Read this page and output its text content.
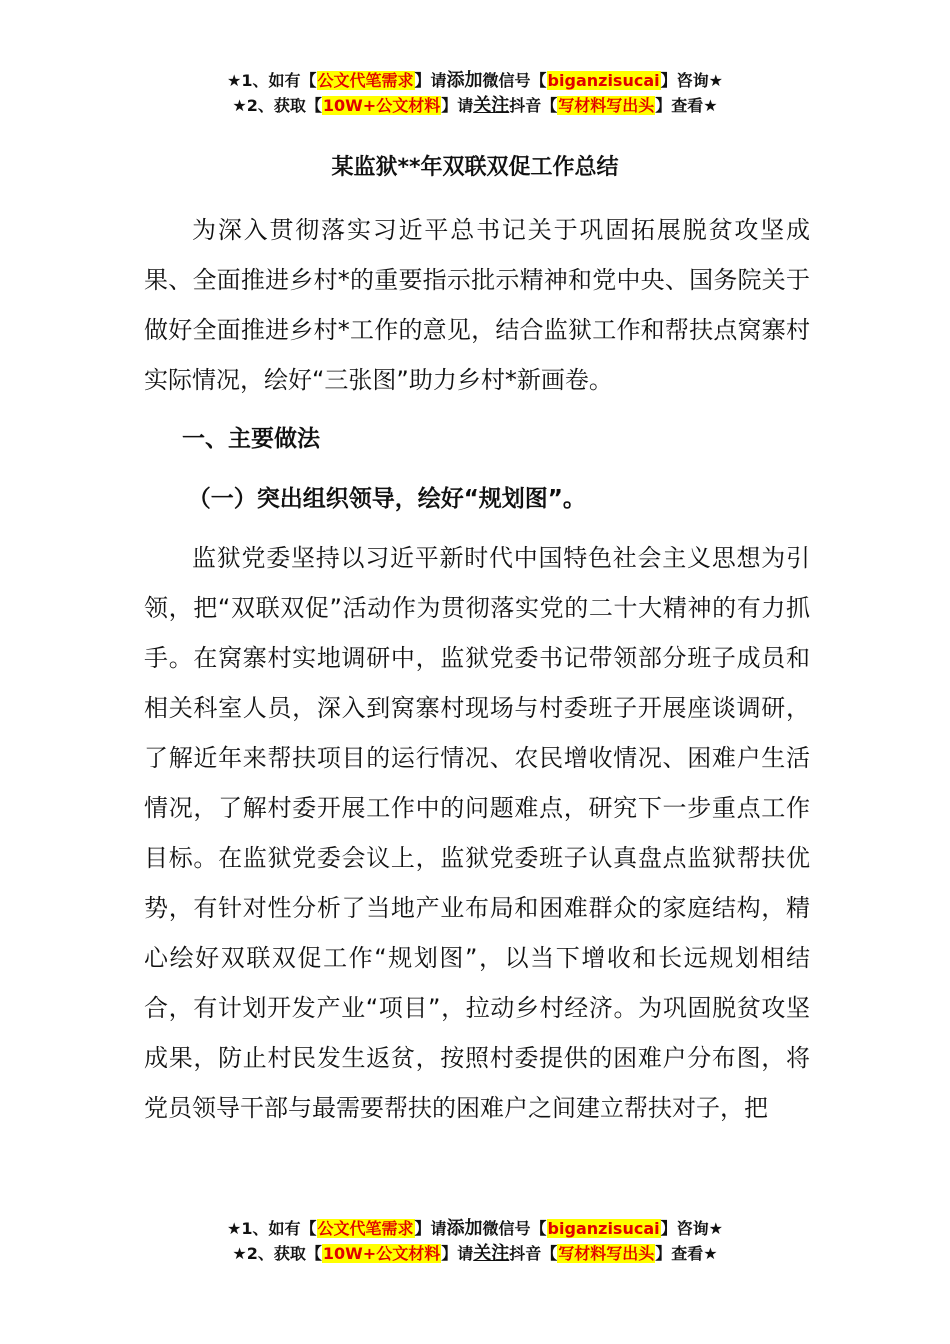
★1、如有【公文代笔需求】请添加微信号【biganzisucai】咨询★
★2、获取【10W+公文材料】请关注抖音【写材料写出头】查看★
某监狱**年双联双促工作总结

为深入贯彻落实习近平总书记关于巩固拓展脱贫攻坚成果、全面推进乡村*的重要指示批示精神和党中央、国务院关于做好全面推进乡村*工作的意见，结合监狱工作和帮扶点窝寨村实际情况，绘好“三张图”助力乡村*新画卷。

一、主要做法
（一）突出组织领导，绘好“规划图”。

监狱党委坚持以习近平新时代中国特色社会主义思想为引领，把“双联双促”活动作为贯彻落实党的二十大精神的有力抓手。在窝寨村实地调研中，监狱党委书记带领部分班子成员和相关科室人员，深入到窝寨村现场与村委班子开展座谈调研，了解近年来帮扶项目的运行情况、农民增收情况、困难户生活情况，了解村委开展工作中的问题难点，研究下一步重点工作目标。在监狱党委会议上，监狱党委班子认真盘点监狱帮扶优势，有针对性分析了当地产业布局和困难群众的家庭结构，精心绘好双联双促工作“规划图”，以当下增收和长远规划相结合，有计划开发产业“项目”，拉动乡村经济。为巩固脱贫攻坚成果，防止村民发生返贫，按照村委提供的困难户分布图，将党员领导干部与最需要帮扶的困难户之间建立帮扶对子，把

★1、如有【公文代笔需求】请添加微信号【biganzisucai】咨询★
★2、获取【10W+公文材料】请关注抖音【写材料写出头】查看★
